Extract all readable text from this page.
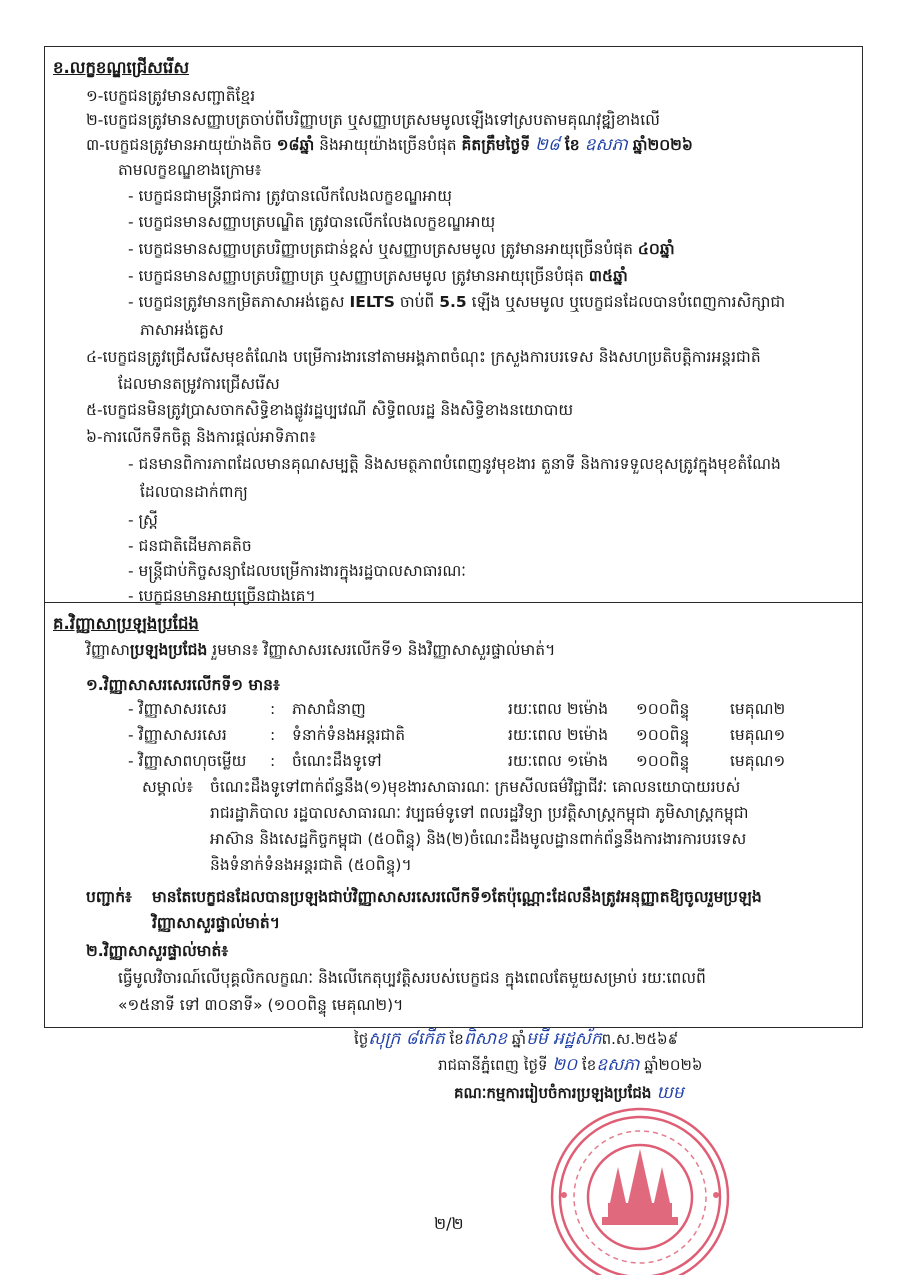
ខ.លក្ខខណ្ឌជ្រើសរើស
១-បេក្ខជនត្រូវមានសញ្ជាតិខ្មែរ
២-បេក្ខជនត្រូវមានសញ្ញាបត្រចាប់ពីបរិញ្ញាបត្រ ឬសញ្ញាបត្រសមមូលឡើងទៅស្របតាមគុណវុឌ្ឍិខាងលើ
៣-បេក្ខជនត្រូវមានអាយុយ៉ាងតិច ១៨ឆ្នាំ និងអាយុយ៉ាងច្រើនបំផុត គិតត្រឹមថ្ងៃទី ២៨ ខែ ឧសភា ឆ្នាំ២០២៦
តាមលក្ខខណ្ឌខាងក្រោម៖
- បេក្ខជនជាមន្ត្រីរាជការ ត្រូវបានលើកលែងលក្ខខណ្ឌអាយុ
- បេក្ខជនមានសញ្ញាបត្របណ្ឌិត ត្រូវបានលើកលែងលក្ខខណ្ឌអាយុ
- បេក្ខជនមានសញ្ញាបត្របរិញ្ញាបត្រជាន់ខ្ពស់ ឬសញ្ញាបត្រសមមូល ត្រូវមានអាយុច្រើនបំផុត ៤០ឆ្នាំ
- បេក្ខជនមានសញ្ញាបត្របរិញ្ញាបត្រ ឬសញ្ញាបត្រសមមូល ត្រូវមានអាយុច្រើនបំផុត ៣៥ឆ្នាំ
- បេក្ខជនត្រូវមានកម្រិតភាសាអង់គ្លេស IELTS ចាប់ពី 5.5 ឡើង ឬសមមូល ឬបេក្ខជនដែលបានបំពេញការសិក្សាជា
ភាសាអង់គ្លេស
៤-បេក្ខជនត្រូវជ្រើសរើសមុខតំណែង បម្រើការងារនៅតាមអង្គភាពចំណុះ ក្រសួងការបរទេស និងសហប្រតិបត្តិការអន្តរជាតិ
ដែលមានតម្រូវការជ្រើសរើស
៥-បេក្ខជនមិនត្រូវប្រាសចាកសិទ្ធិខាងផ្លូវរដ្ឋប្បវេណី សិទ្ធិពលរដ្ឋ និងសិទ្ធិខាងនយោបាយ
៦-ការលើកទឹកចិត្ត និងការផ្ដល់អាទិភាព៖
- ជនមានពិការភាពដែលមានគុណសម្បត្តិ និងសមត្ថភាពបំពេញនូវមុខងារ តួនាទី និងការទទួលខុសត្រូវក្នុងមុខតំណែង
ដែលបានដាក់ពាក្យ
- ស្ត្រី
- ជនជាតិដើមភាគតិច
- មន្ត្រីជាប់កិច្ចសន្យាដែលបម្រើការងារក្នុងរដ្ឋបាលសាធារណៈ
- បេក្ខជនមានអាយុច្រើនជាងគេ។
គ.វិញ្ញាសាប្រឡងប្រជែង
វិញ្ញាសាប្រឡងប្រជែង រួមមាន៖ វិញ្ញាសាសរសេរលើកទី១ និងវិញ្ញាសាសួរផ្ទាល់មាត់។
១.វិញ្ញាសាសរសេរលើកទី១ មាន៖
- វិញ្ញាសាសរសេរ	: ភាសាជំនាញ	រយៈពេល ២ម៉ោង ១០០ពិន្ទុ	មេគុណ២
- វិញ្ញាសាសរសេរ	: ទំនាក់ទំនងអន្តរជាតិ	រយៈពេល ២ម៉ោង ១០០ពិន្ទុ	មេគុណ១
- វិញ្ញាសាពហុចម្លើយ : ចំណេះដឹងទូទៅ	រយៈពេល ១ម៉ោង ១០០ពិន្ទុ	មេគុណ១
សម្គាល់៖ ចំណេះដឹងទូទៅពាក់ព័ន្ធនឹង(១)មុខងារសាធារណៈ ក្រមសីលធម៌វិជ្ជាជីវៈ គោលនយោបាយរបស់
រាជរដ្ឋាភិបាល រដ្ឋបាលសាធារណៈ វប្បធម៌ទូទៅ ពលរដ្ឋវិទ្យា ប្រវត្តិសាស្ត្រកម្ពុជា ភូមិសាស្ត្រកម្ពុជា
អាស៊ាន និងសេដ្ឋកិច្ចកម្ពុជា (៥០ពិន្ទុ) និង(២)ចំណេះដឹងមូលដ្ឋានពាក់ព័ន្ធនឹងការងារការបរទេស
និងទំនាក់ទំនងអន្តរជាតិ (៥០ពិន្ទុ)។
បញ្ជាក់៖ មានតែបេក្ខជនដែលបានប្រឡងជាប់វិញ្ញាសាសរសេរលើកទី១តែប៉ុណ្ណោះដែលនឹងត្រូវអនុញ្ញាតឱ្យចូលរួមប្រឡង
វិញ្ញាសាសួរផ្ទាល់មាត់។
២.វិញ្ញាសាសួរផ្ទាល់មាត់៖
ធ្វើមូលវិចារណ៍លើបុគ្គលិកលក្ខណៈ និងលើកេតុប្បវត្តិសរបស់បេក្ខជន ក្នុងពេលតែមួយសម្រាប់ រយៈពេលពី
«១៥នាទី ទៅ ៣០នាទី» (១០០ពិន្ទុ មេគុណ២)។
ថ្ងៃសុក្រ ៨កើត ខែពិសាខ ឆ្នាំមមី អដ្ឋស័កព.ស.២៥៦៩
រាជធានីភ្នំពេញ ថ្ងៃទី ២០ ខែឧសភា ឆ្នាំ២០២៦
គណៈកម្មការរៀបចំការប្រឡងប្រជែង ឃម
២/២
